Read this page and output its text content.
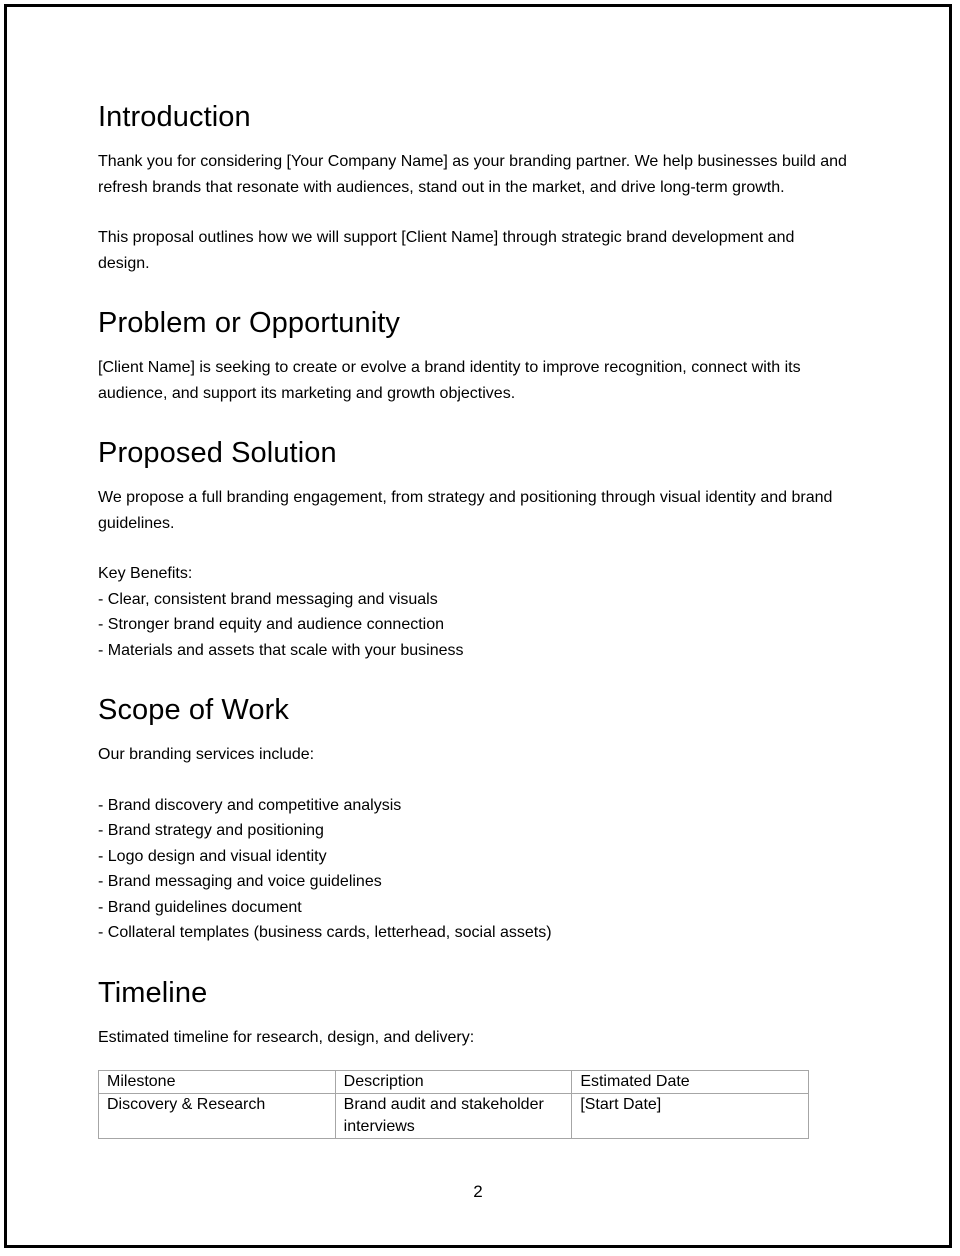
Introduction

Thank you for considering [Your Company Name] as your branding partner. We help businesses build and refresh brands that resonate with audiences, stand out in the market, and drive long-term growth.

This proposal outlines how we will support [Client Name] through strategic brand development and design.

Problem or Opportunity

[Client Name] is seeking to create or evolve a brand identity to improve recognition, connect with its audience, and support its marketing and growth objectives.

Proposed Solution

We propose a full branding engagement, from strategy and positioning through visual identity and brand guidelines.

Key Benefits:

- Clear, consistent brand messaging and visuals

- Stronger brand equity and audience connection

- Materials and assets that scale with your business

Scope of Work

Our branding services include:

- Brand discovery and competitive analysis

- Brand strategy and positioning

- Logo design and visual identity

- Brand messaging and voice guidelines

- Brand guidelines document

- Collateral templates (business cards, letterhead, social assets)

Timeline

Estimated timeline for research, design, and delivery:

Milestone	Description	Estimated Date
Discovery & Research	Brand audit and stakeholder interviews	[Start Date]
2
